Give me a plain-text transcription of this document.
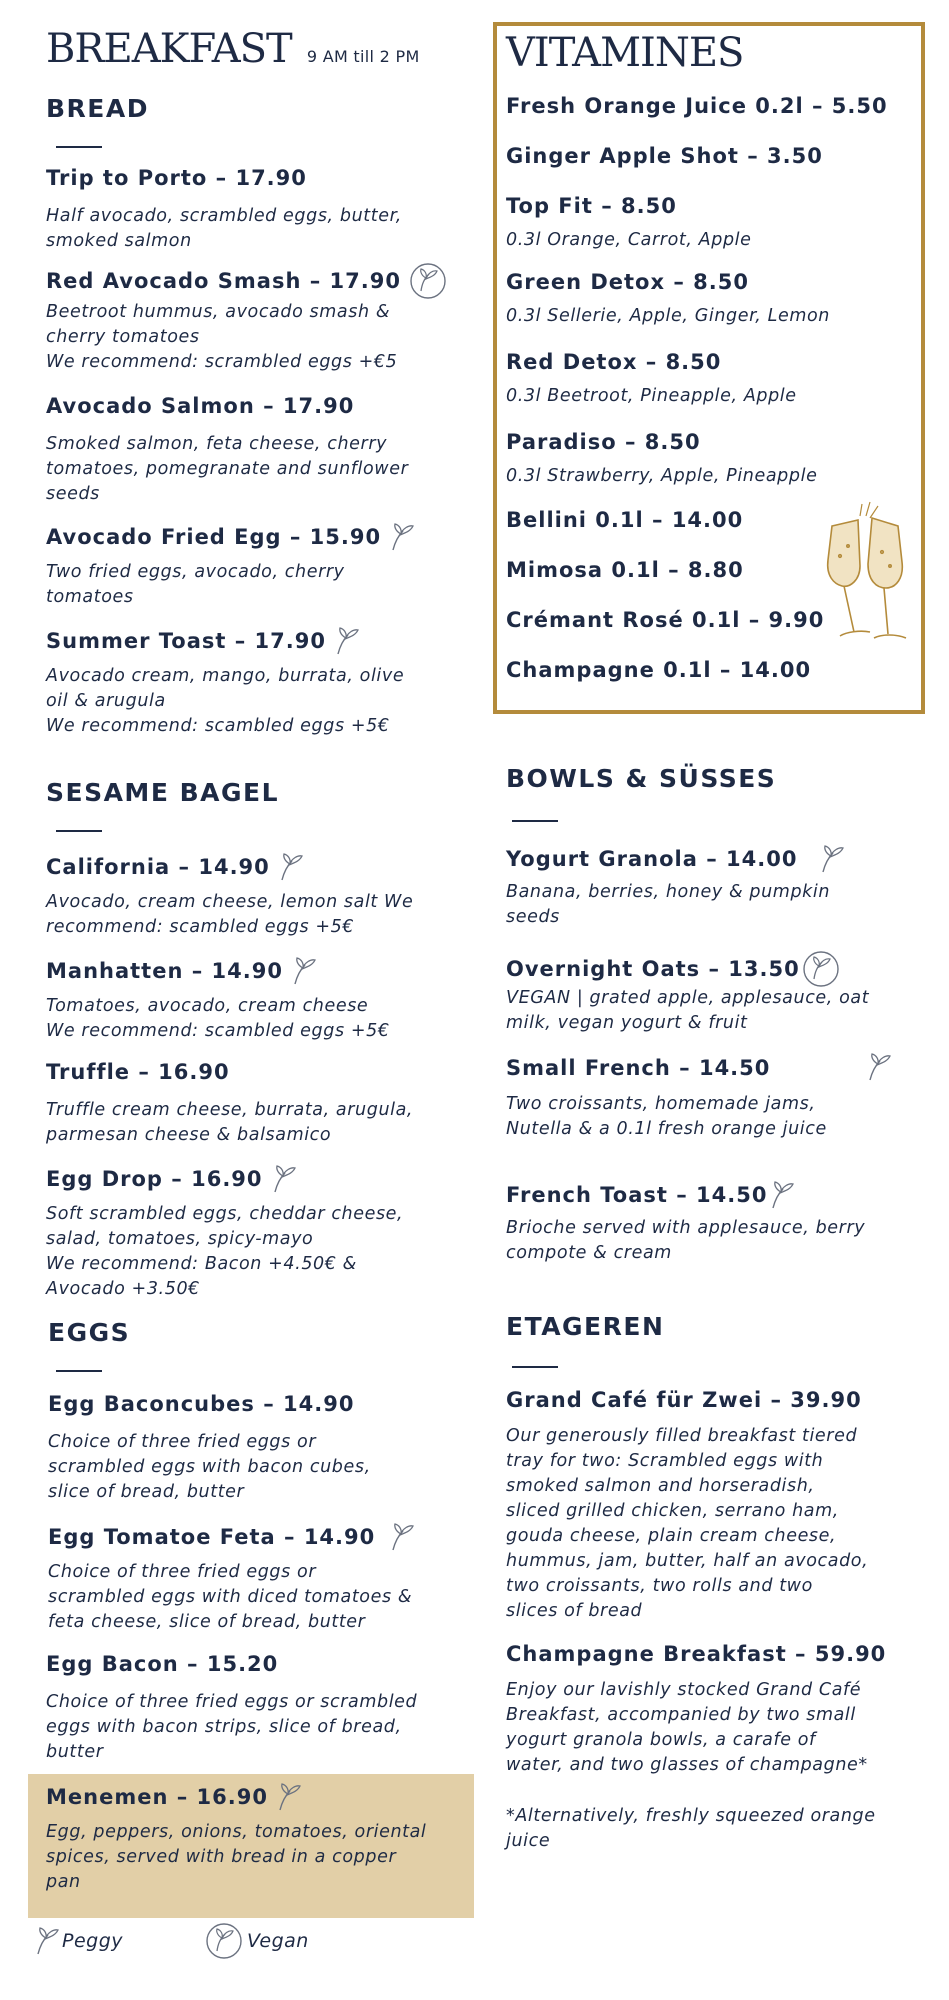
BREAKFAST 9 AM till 2 PM
BREAD
Trip to Porto – 17.90
Half avocado, scrambled eggs, butter,
smoked salmon
Red Avocado Smash – 17.90
Beetroot hummus, avocado smash &
cherry tomatoes
We recommend: scrambled eggs +€5
Avocado Salmon – 17.90
Smoked salmon, feta cheese, cherry
tomatoes, pomegranate and sunflower
seeds
Avocado Fried Egg – 15.90
Two fried eggs, avocado, cherry
tomatoes
Summer Toast – 17.90
Avocado cream, mango, burrata, olive
oil & arugula
We recommend: scambled eggs +5€
SESAME BAGEL
California – 14.90
Avocado, cream cheese, lemon salt We
recommend: scambled eggs +5€
Manhatten – 14.90
Tomatoes, avocado, cream cheese
We recommend: scambled eggs +5€
Truffle – 16.90
Truffle cream cheese, burrata, arugula,
parmesan cheese & balsamico
Egg Drop – 16.90
Soft scrambled eggs, cheddar cheese,
salad, tomatoes, spicy-mayo
We recommend: Bacon +4.50€ &
Avocado +3.50€
EGGS
Egg Baconcubes – 14.90
Choice of three fried eggs or
scrambled eggs with bacon cubes,
slice of bread, butter
Egg Tomatoe Feta – 14.90
Choice of three fried eggs or
scrambled eggs with diced tomatoes &
feta cheese, slice of bread, butter
Egg Bacon – 15.20
Choice of three fried eggs or scrambled
eggs with bacon strips, slice of bread,
butter
Menemen – 16.90
Egg, peppers, onions, tomatoes, oriental
spices, served with bread in a copper
pan
Peggy	Vegan
VITAMINES
Fresh Orange Juice 0.2l – 5.50
Ginger Apple Shot – 3.50
Top Fit – 8.50
0.3l Orange, Carrot, Apple
Green Detox – 8.50
0.3l Sellerie, Apple, Ginger, Lemon
Red Detox – 8.50
0.3l Beetroot, Pineapple, Apple
Paradiso – 8.50
0.3l Strawberry, Apple, Pineapple
Bellini 0.1l – 14.00
Mimosa 0.1l – 8.80
Crémant Rosé 0.1l – 9.90
Champagne 0.1l – 14.00
BOWLS & SÜSSES
Yogurt Granola – 14.00
Banana, berries, honey & pumpkin
seeds
Overnight Oats – 13.50
VEGAN | grated apple, applesauce, oat
milk, vegan yogurt & fruit
Small French – 14.50
Two croissants, homemade jams,
Nutella & a 0.1l fresh orange juice
French Toast – 14.50
Brioche served with applesauce, berry
compote & cream
ETAGEREN
Grand Café für Zwei – 39.90
Our generously filled breakfast tiered
tray for two: Scrambled eggs with
smoked salmon and horseradish,
sliced grilled chicken, serrano ham,
gouda cheese, plain cream cheese,
hummus, jam, butter, half an avocado,
two croissants, two rolls and two
slices of bread
Champagne Breakfast – 59.90
Enjoy our lavishly stocked Grand Café
Breakfast, accompanied by two small
yogurt granola bowls, a carafe of
water, and two glasses of champagne*
*Alternatively, freshly squeezed orange
juice
